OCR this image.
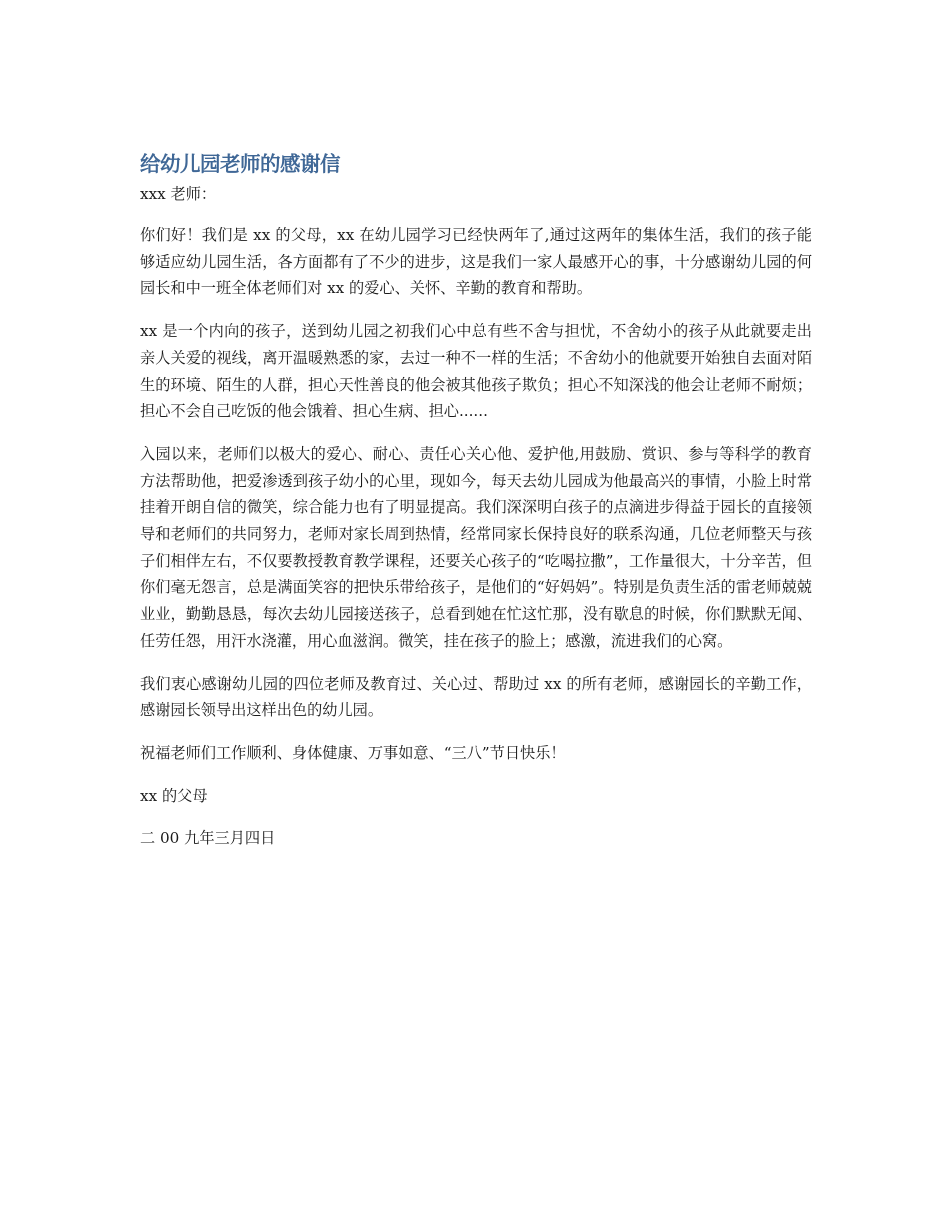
给幼儿园老师的感谢信

xxx 老师：

你们好！我们是 xx 的父母，xx 在幼儿园学习已经快两年了,通过这两年的集体生活，我们的孩子能够适应幼儿园生活，各方面都有了不少的进步，这是我们一家人最感开心的事，十分感谢幼儿园的何园长和中一班全体老师们对 xx 的爱心、关怀、辛勤的教育和帮助。

xx 是一个内向的孩子，送到幼儿园之初我们心中总有些不舍与担忧，不舍幼小的孩子从此就要走出亲人关爱的视线，离开温暖熟悉的家，去过一种不一样的生活；不舍幼小的他就要开始独自去面对陌生的环境、陌生的人群，担心天性善良的他会被其他孩子欺负；担心不知深浅的他会让老师不耐烦；担心不会自己吃饭的他会饿着、担心生病、担心......

入园以来，老师们以极大的爱心、耐心、责任心关心他、爱护他,用鼓励、赏识、参与等科学的教育方法帮助他，把爱渗透到孩子幼小的心里，现如今，每天去幼儿园成为他最高兴的事情，小脸上时常挂着开朗自信的微笑，综合能力也有了明显提高。我们深深明白孩子的点滴进步得益于园长的直接领导和老师们的共同努力，老师对家长周到热情，经常同家长保持良好的联系沟通，几位老师整天与孩子们相伴左右，不仅要教授教育教学课程，还要关心孩子的“吃喝拉撒”，工作量很大，十分辛苦，但你们毫无怨言，总是满面笑容的把快乐带给孩子，是他们的“好妈妈”。特别是负责生活的雷老师兢兢业业，勤勤恳恳，每次去幼儿园接送孩子，总看到她在忙这忙那，没有歇息的时候，你们默默无闻、任劳任怨，用汗水浇灌，用心血滋润。微笑，挂在孩子的脸上；感激，流进我们的心窝。

我们衷心感谢幼儿园的四位老师及教育过、关心过、帮助过 xx 的所有老师，感谢园长的辛勤工作，感谢园长领导出这样出色的幼儿园。

祝福老师们工作顺利、身体健康、万事如意、“三八”节日快乐！

xx 的父母

二 00 九年三月四日
